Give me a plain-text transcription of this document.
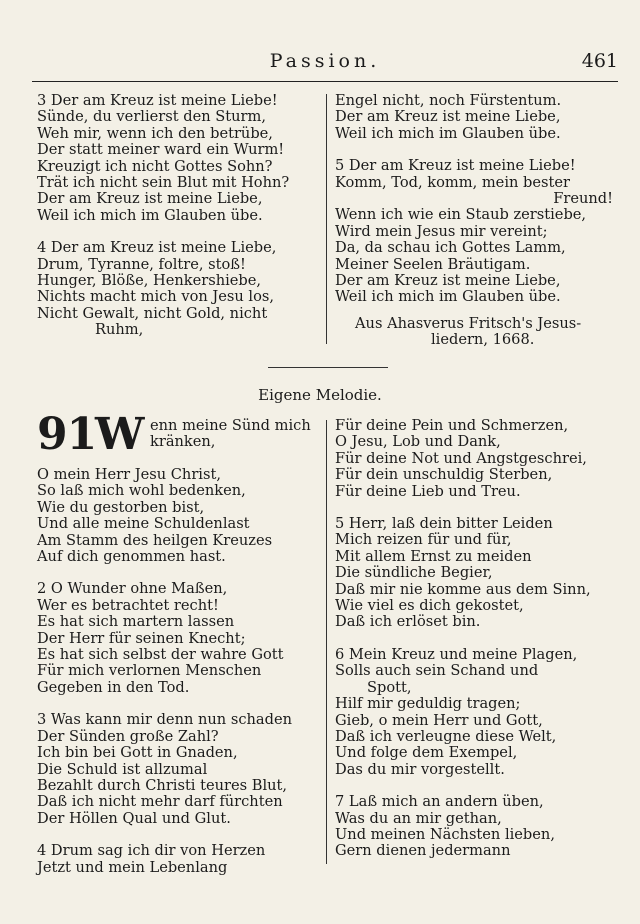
Passion.	461
3 Der am Kreuz ist meine Liebe!
Sünde, du verlierst den Sturm,
Weh mir, wenn ich den betrübe,
Der statt meiner ward ein Wurm!
Kreuzigt ich nicht Gottes Sohn?
Trät ich nicht sein Blut mit Hohn?
Der am Kreuz ist meine Liebe,
Weil ich mich im Glauben übe.
4 Der am Kreuz ist meine Liebe,
Drum, Tyranne, foltre, stoß!
Hunger, Blöße, Henkershiebe,
Nichts macht mich von Jesu los,
Nicht Gewalt, nicht Gold, nicht
Ruhm,
Engel nicht, noch Fürstentum.
Der am Kreuz ist meine Liebe,
Weil ich mich im Glauben übe.
5 Der am Kreuz ist meine Liebe!
Komm, Tod, komm, mein bester
Freund!
Wenn ich wie ein Staub zerstiebe,
Wird mein Jesus mir vereint;
Da, da schau ich Gottes Lamm,
Meiner Seelen Bräutigam.
Der am Kreuz ist meine Liebe,
Weil ich mich im Glauben übe.
Aus Ahasverus Fritsch's Jesus-
liedern, 1668.
Eigene Melodie.
91
W enn meine Sünd mich
kränken,
O mein Herr Jesu Christ,
So laß mich wohl bedenken,
Wie du gestorben bist,
Und alle meine Schuldenlast
Am Stamm des heilgen Kreuzes
Auf dich genommen hast.
2 O Wunder ohne Maßen,
Wer es betrachtet recht!
Es hat sich martern lassen
Der Herr für seinen Knecht;
Es hat sich selbst der wahre Gott
Für mich verlornen Menschen
Gegeben in den Tod.
3 Was kann mir denn nun schaden
Der Sünden große Zahl?
Ich bin bei Gott in Gnaden,
Die Schuld ist allzumal
Bezahlt durch Christi teures Blut,
Daß ich nicht mehr darf fürchten
Der Höllen Qual und Glut.
4 Drum sag ich dir von Herzen
Jetzt und mein Lebenlang
Für deine Pein und Schmerzen,
O Jesu, Lob und Dank,
Für deine Not und Angstgeschrei,
Für dein unschuldig Sterben,
Für deine Lieb und Treu.
5 Herr, laß dein bitter Leiden
Mich reizen für und für,
Mit allem Ernst zu meiden
Die sündliche Begier,
Daß mir nie komme aus dem Sinn,
Wie viel es dich gekostet,
Daß ich erlöset bin.
6 Mein Kreuz und meine Plagen,
Solls auch sein Schand und
Spott,
Hilf mir geduldig tragen;
Gieb, o mein Herr und Gott,
Daß ich verleugne diese Welt,
Und folge dem Exempel,
Das du mir vorgestellt.
7 Laß mich an andern üben,
Was du an mir gethan,
Und meinen Nächsten lieben,
Gern dienen jedermann
